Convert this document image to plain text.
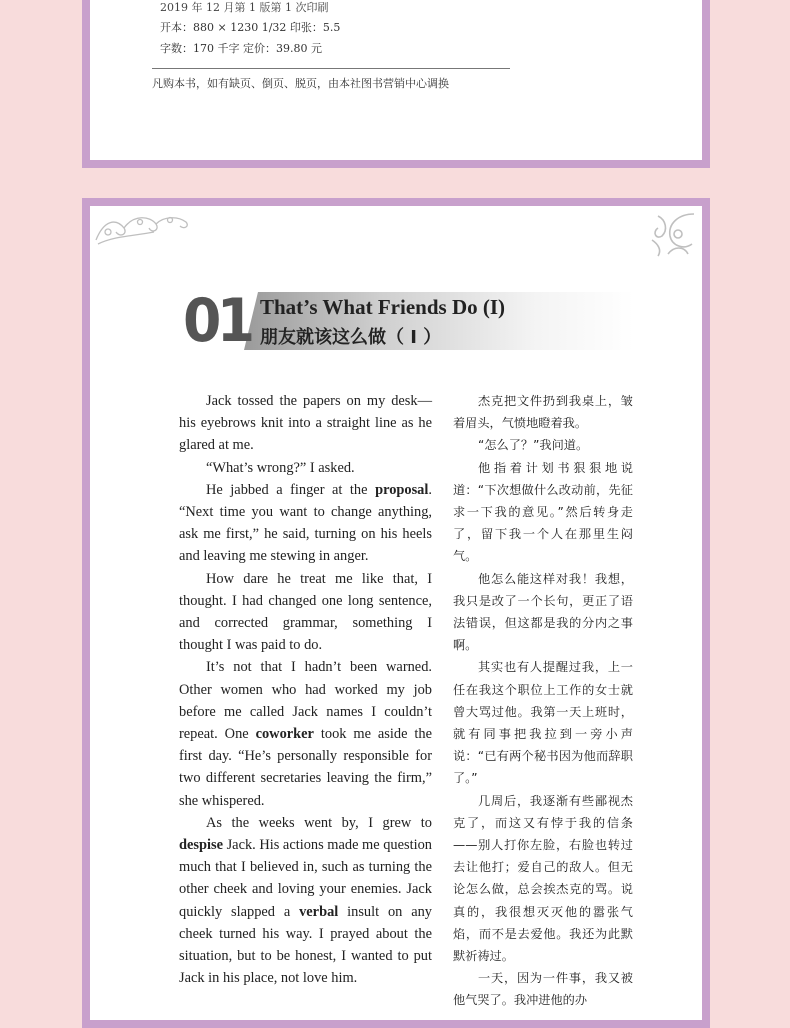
2019 年 12 月第 1 版第 1 次印刷
开本：880 × 1230 1/32 印张：5.5
字数：170 千字 定价：39.80 元
凡购本书，如有缺页、倒页、脱页，由本社图书营销中心调换
01 That’s What Friends Do (I)
朋友就该这么做（ Ⅰ ）

Jack tossed the papers on my desk—his eyebrows knit into a straight line as he glared at me.

“What’s wrong?” I asked.

He jabbed a finger at the proposal. “Next time you want to change anything, ask me first,” he said, turning on his heels and leaving me stewing in anger.

How dare he treat me like that, I thought. I had changed one long sentence, and corrected grammar, something I thought I was paid to do.

It’s not that I hadn’t been warned. Other women who had worked my job before me called Jack names I couldn’t repeat. One coworker took me aside the first day. “He’s personally responsible for two different secretaries leaving the firm,” she whispered.

As the weeks went by, I grew to despise Jack. His actions made me question much that I believed in, such as turning the other cheek and loving your enemies. Jack quickly slapped a verbal insult on any cheek turned his way. I prayed about the situation, but to be honest, I wanted to put Jack in his place, not love him.

杰克把文件扔到我桌上，皱着眉头，气愤地瞪着我。

“怎么了？”我问道。

他指着计划书狠狠地说道：“下次想做什么改动前，先征求一下我的意见。”然后转身走了，留下我一个人在那里生闷气。

他怎么能这样对我！我想，我只是改了一个长句，更正了语法错误，但这都是我的分内之事啊。

其实也有人提醒过我，上一任在我这个职位上工作的女士就曾大骂过他。我第一天上班时，就有同事把我拉到一旁小声说：“已有两个秘书因为他而辞职了。”

几周后，我逐渐有些鄙视杰克了，而这又有悖于我的信条——别人打你左脸，右脸也转过去让他打；爱自己的敌人。但无论怎么做，总会挨杰克的骂。说真的，我很想灭灭他的嚣张气焰，而不是去爱他。我还为此默默祈祷过。

一天，因为一件事，我又被他气哭了。我冲进他的办
